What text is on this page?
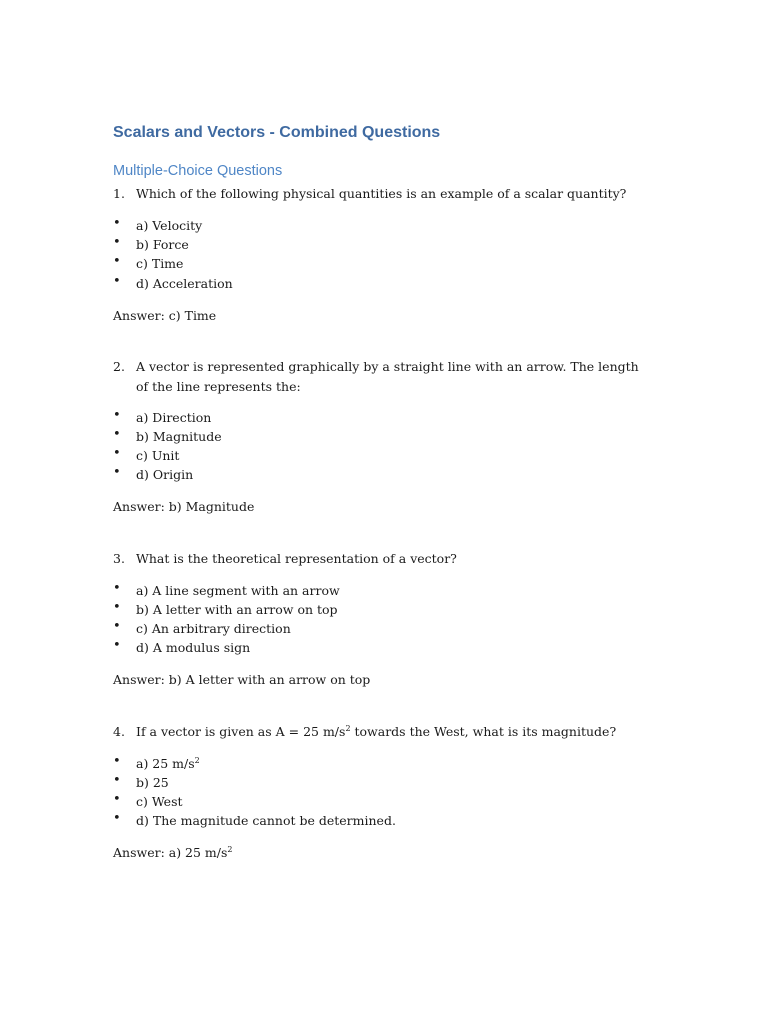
Scalars and Vectors - Combined Questions
Multiple-Choice Questions
1. Which of the following physical quantities is an example of a scalar quantity?
• a) Velocity
• b) Force
• c) Time
• d) Acceleration
Answer: c) Time
2. A vector is represented graphically by a straight line with an arrow. The length of the line represents the:
• a) Direction
• b) Magnitude
• c) Unit
• d) Origin
Answer: b) Magnitude
3. What is the theoretical representation of a vector?
• a) A line segment with an arrow
• b) A letter with an arrow on top
• c) An arbitrary direction
• d) A modulus sign
Answer: b) A letter with an arrow on top
4. If a vector is given as A = 25 $m/s^2$ towards the West, what is its magnitude?
• a) 25 $m/s^2$
• b) 25
• c) West
• d) The magnitude cannot be determined.
Answer: a) 25 $m/s^2$
